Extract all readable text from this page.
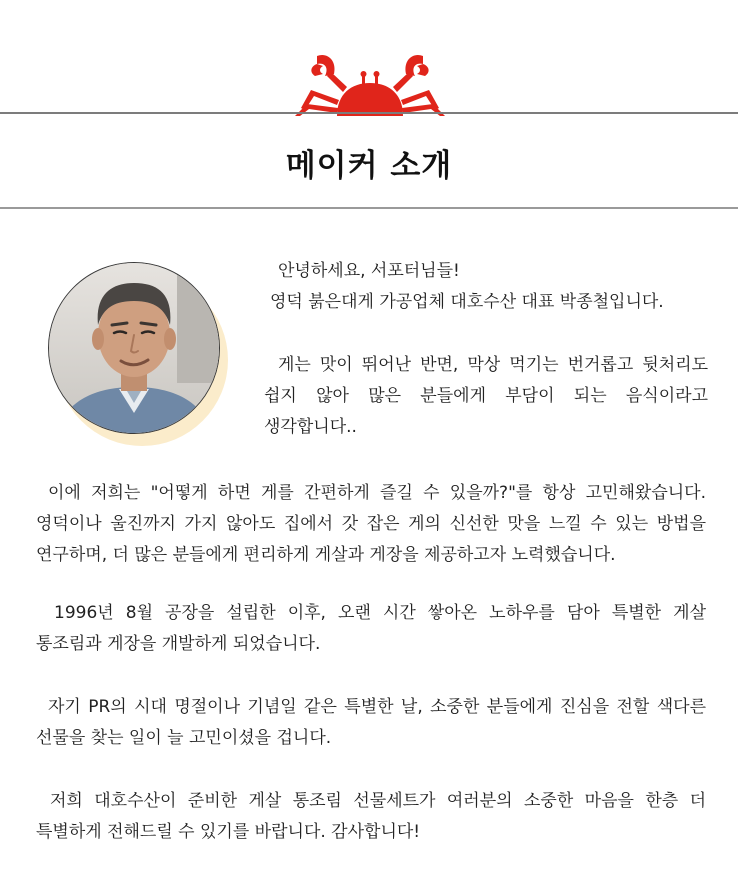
메이커 소개
안녕하세요, 서포터님들!
영덕 붉은대게 가공업체 대호수산 대표 박종철입니다.
게는 맛이 뛰어난 반면, 막상 먹기는 번거롭고 뒷처리도
쉽지 않아 많은 분들에게 부담이 되는 음식이라고
생각합니다..
이에 저희는 "어떻게 하면 게를 간편하게 즐길 수 있을까?"를 항상 고민해왔습니다.
영덕이나 울진까지 가지 않아도 집에서 갓 잡은 게의 신선한 맛을 느낄 수 있는 방법을
연구하며, 더 많은 분들에게 편리하게 게살과 게장을 제공하고자 노력했습니다.
1996년 8월 공장을 설립한 이후, 오랜 시간 쌓아온 노하우를 담아 특별한 게살
통조림과 게장을 개발하게 되었습니다.
자기 PR의 시대 명절이나 기념일 같은 특별한 날, 소중한 분들에게 진심을 전할 색다른
선물을 찾는 일이 늘 고민이셨을 겁니다.
저희 대호수산이 준비한 게살 통조림 선물세트가 여러분의 소중한 마음을 한층 더
특별하게 전해드릴 수 있기를 바랍니다. 감사합니다!
